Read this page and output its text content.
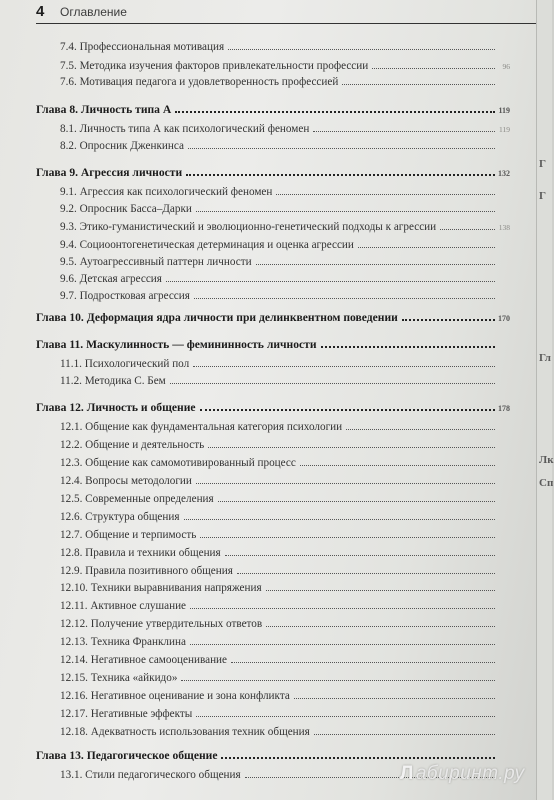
4 Оглавление
7.4. Профессиональная мотивация
7.5. Методика изучения факторов привлекательности профессии	96
7.6. Мотивация педагога и удовлетворенность профессией
Глава 8. Личность типа А	119
8.1. Личность типа А как психологический феномен	119
8.2. Опросник Дженкинса
Глава 9. Агрессия личности	132
9.1. Агрессия как психологический феномен
9.2. Опросник Басса–Дарки
9.3. Этико-гуманистический и эволюционно-генетический подходы к агрессии	138
9.4. Социоонтогенетическая детерминация и оценка агрессии
9.5. Аутоагрессивный паттерн личности
9.6. Детская агрессия
9.7. Подростковая агрессия
Глава 10. Деформация ядра личности при делинквентном поведении	170
Глава 11. Маскулинность — фемининность личности
11.1. Психологический пол
11.2. Методика С. Бем
Глава 12. Личность и общение	178
12.1. Общение как фундаментальная категория психологии
12.2. Общение и деятельность
12.3. Общение как самомотивированный процесс
12.4. Вопросы методологии
12.5. Современные определения
12.6. Структура общения
12.7. Общение и терпимость
12.8. Правила и техники общения
12.9. Правила позитивного общения
12.10. Техники выравнивания напряжения
12.11. Активное слушание
12.12. Получение утвердительных ответов
12.13. Техника Франклина
12.14. Негативное самооценивание
12.15. Техника «айкидо»
12.16. Негативное оценивание и зона конфликта
12.17. Негативные эффекты
12.18. Адекватность использования техник общения
Глава 13. Педагогическое общение
13.1. Стили педагогического общения	Л абиринт.ру
Г
Г
Гл
Лк
Сп
